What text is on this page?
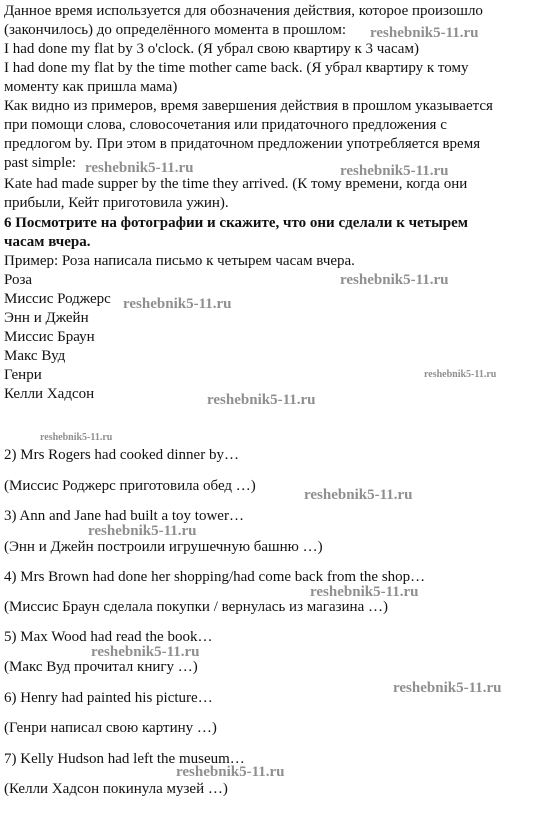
Данное время используется для обозначения действия, которое произошло
(закончилось) до определённого момента в прошлом:
I had done my flat by 3 o'clock. (Я убрал свою квартиру к 3 часам)
I had done my flat by the time mother came back. (Я убрал квартиру к тому
моменту как пришла мама)
Как видно из примеров, время завершения действия в прошлом указывается
при помощи слова, словосочетания или придаточного предложения с
предлогом by. При этом в придаточном предложении употребляется время
past simple:
Kate had made supper by the time they arrived. (К тому времени, когда они
прибыли, Кейт приготовила ужин).
6 Посмотрите на фотографии и скажите, что они сделали к четырем
часам вчера.
Пример: Роза написала письмо к четырем часам вчера.
Роза
Миссис Роджерс
Энн и Джейн
Миссис Браун
Макс Вуд
Генри
Келли Хадсон
2) Mrs Rogers had cooked dinner by…
(Миссис Роджерс приготовила обед …)
3) Ann and Jane had built a toy tower…
(Энн и Джейн построили игрушечную башню …)
4) Mrs Brown had done her shopping/had come back from the shop…
(Миссис Браун сделала покупки / вернулась из магазина …)
5) Max Wood had read the book…
(Макс Вуд прочитал книгу …)
6) Henry had painted his picture…
(Генри написал свою картину …)
7) Kelly Hudson had left the museum…
(Келли Хадсон покинула музей …)
reshebnik5-11.ru
reshebnik5-11.ru	reshebnik5-11.ru
reshebnik5-11.ru
reshebnik5-11.ru
reshebnik5-11.ru
reshebnik5-11.ru
reshebnik5-11.ru
reshebnik5-11.ru
reshebnik5-11.ru
reshebnik5-11.ru
reshebnik5-11.ru
reshebnik5-11.ru
reshebnik5-11.ru
